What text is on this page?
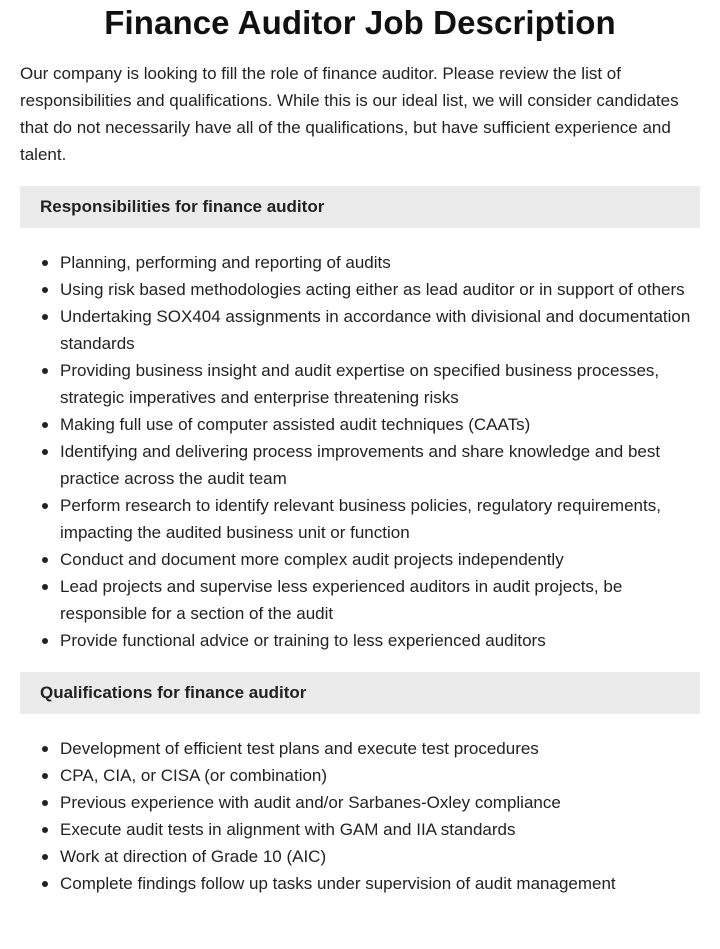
Finance Auditor Job Description

Our company is looking to fill the role of finance auditor. Please review the list of responsibilities and qualifications. While this is our ideal list, we will consider candidates that do not necessarily have all of the qualifications, but have sufficient experience and talent.

Responsibilities for finance auditor
Planning, performing and reporting of audits
Using risk based methodologies acting either as lead auditor or in support of others
Undertaking SOX404 assignments in accordance with divisional and documentation standards
Providing business insight and audit expertise on specified business processes, strategic imperatives and enterprise threatening risks
Making full use of computer assisted audit techniques (CAATs)
Identifying and delivering process improvements and share knowledge and best practice across the audit team
Perform research to identify relevant business policies, regulatory requirements, impacting the audited business unit or function
Conduct and document more complex audit projects independently
Lead projects and supervise less experienced auditors in audit projects, be responsible for a section of the audit
Provide functional advice or training to less experienced auditors
Qualifications for finance auditor
Development of efficient test plans and execute test procedures
CPA, CIA, or CISA (or combination)
Previous experience with audit and/or Sarbanes-Oxley compliance
Execute audit tests in alignment with GAM and IIA standards
Work at direction of Grade 10 (AIC)
Complete findings follow up tasks under supervision of audit management
